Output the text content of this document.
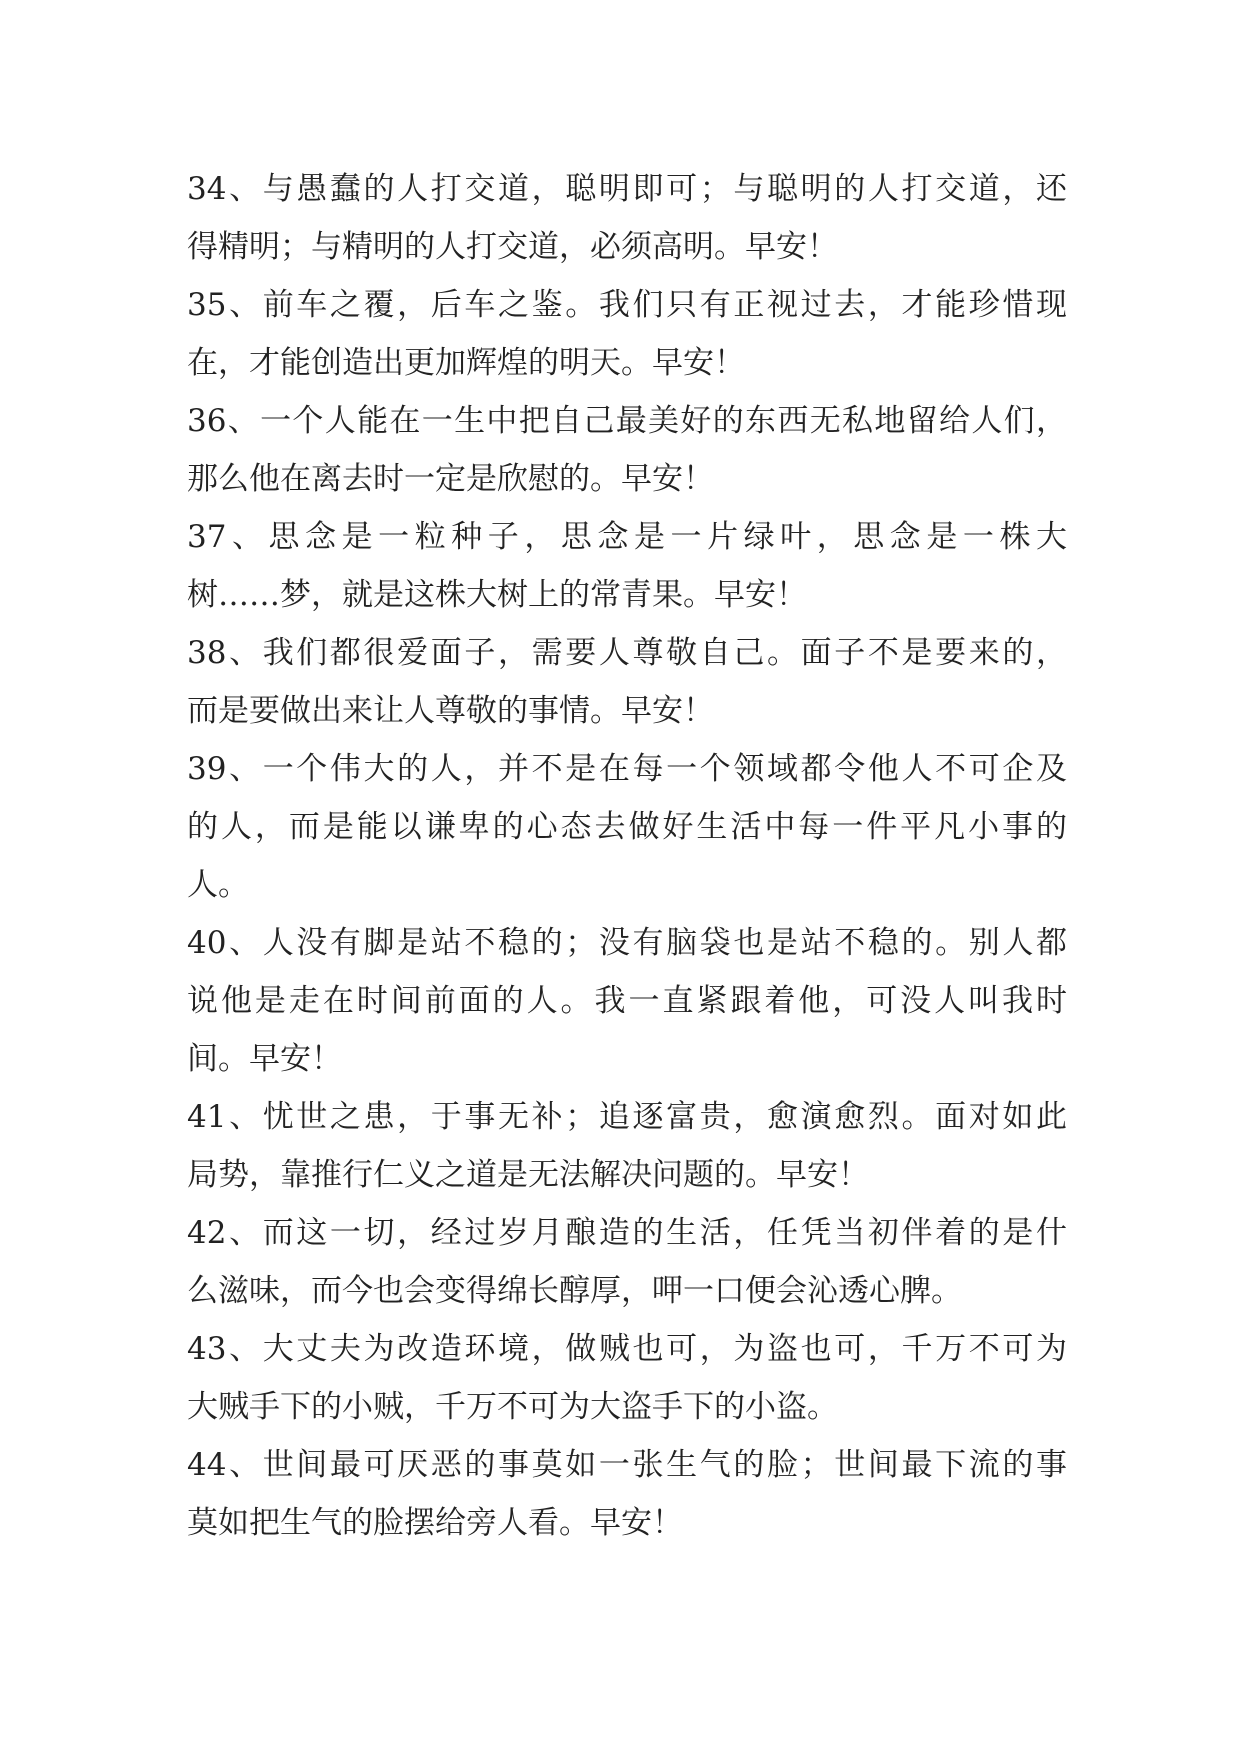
34、与愚蠢的人打交道，聪明即可；与聪明的人打交道，还
得精明；与精明的人打交道，必须高明。早安！
35、前车之覆，后车之鉴。我们只有正视过去，才能珍惜现
在，才能创造出更加辉煌的明天。早安！
36、一个人能在一生中把自己最美好的东西无私地留给人们，
那么他在离去时一定是欣慰的。早安！
37、思念是一粒种子，思念是一片绿叶，思念是一株大
树……梦，就是这株大树上的常青果。早安！
38、我们都很爱面子，需要人尊敬自己。面子不是要来的，
而是要做出来让人尊敬的事情。早安！
39、一个伟大的人，并不是在每一个领域都令他人不可企及
的人，而是能以谦卑的心态去做好生活中每一件平凡小事的
人。
40、人没有脚是站不稳的；没有脑袋也是站不稳的。别人都
说他是走在时间前面的人。我一直紧跟着他，可没人叫我时
间。早安！
41、忧世之患，于事无补；追逐富贵，愈演愈烈。面对如此
局势，靠推行仁义之道是无法解决问题的。早安！
42、而这一切，经过岁月酿造的生活，任凭当初伴着的是什
么滋味，而今也会变得绵长醇厚，呷一口便会沁透心脾。
43、大丈夫为改造环境，做贼也可，为盗也可，千万不可为
大贼手下的小贼，千万不可为大盗手下的小盗。
44、世间最可厌恶的事莫如一张生气的脸；世间最下流的事
莫如把生气的脸摆给旁人看。早安！
